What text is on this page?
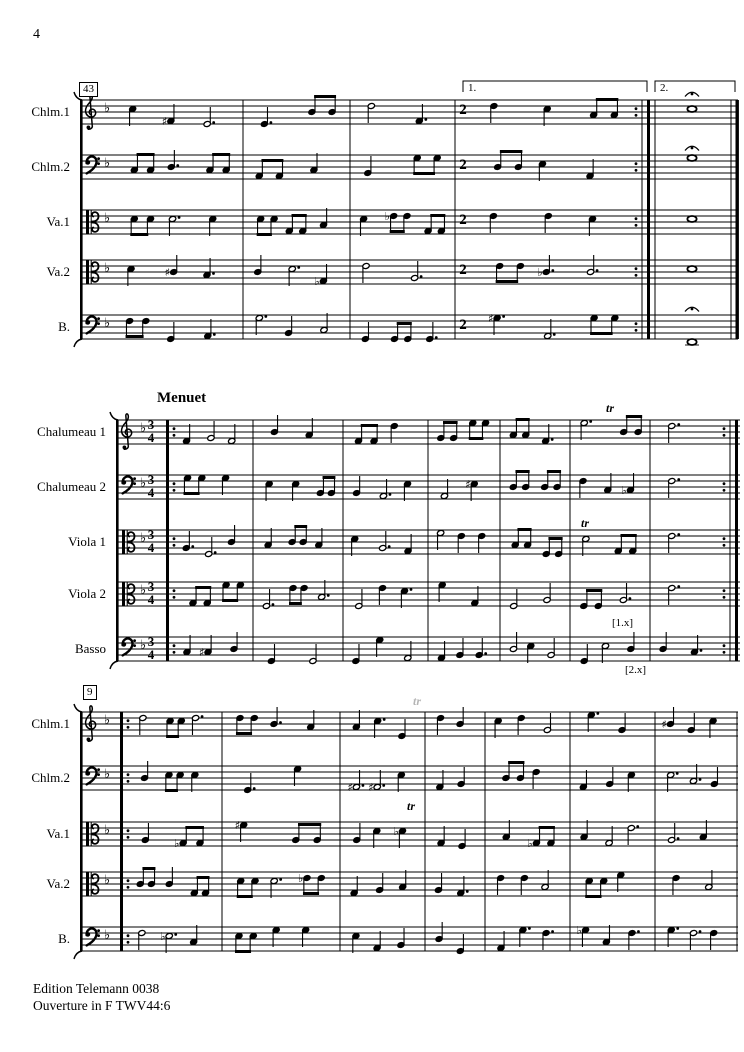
4
♭
♭
♭
♭
♭
♯
♭
♯
♭
♭
♯
43	1.	2.
Chlm.1
Chlm.2
Va.1
Va.2
B.
2
2
2
2
2
Menuet
♭
♭
♭
♭
♭
♯	♭
♯
Chalumeau 1
Chalumeau 2
Viola 1
Viola 2
Basso
3
4
3
4
3
4
3
4
3
4
tr
tr
[1.x]
[2.x]
♭
♭
♭
♭
♭
♯
♯ ♯
♭
♯	♭
♭
♭
♭	♭
9
Chlm.1
Chlm.2
Va.1
Va.2
B.
tr
tr
Edition Telemann 0038
Ouverture in F TWV44:6
